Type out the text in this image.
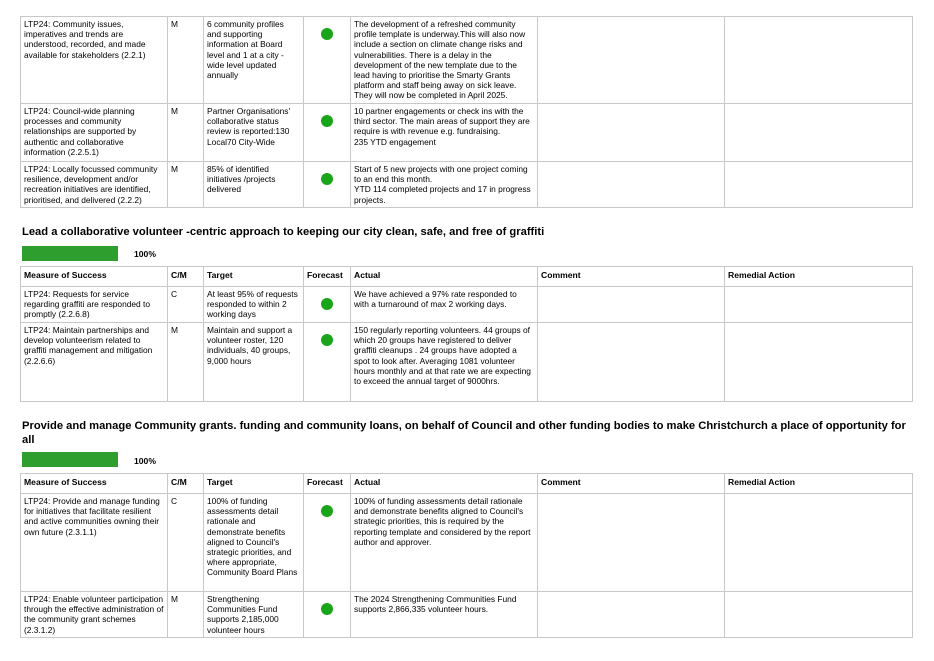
LTP24: Community issues, imperatives and trends are understood, recorded, and made available for stakeholders (2.2.1)	M	6 community profiles and supporting information at Board level and 1 at a city - wide level updated annually		The development of a refreshed community profile template is underway.This will also now include a section on climate change risks and vulnerabilities. There is a delay in the development of the new template due to the lead having to prioritise the Smarty Grants platform and staff being away on sick leave. They will now be completed in April 2025.		
LTP24: Council-wide planning processes and community relationships are supported by authentic and collaborative information (2.2.5.1)	M	Partner Organisations' collaborative status review is reported:130 Local70 City-Wide		10 partner engagements or check ins with the third sector. The main areas of support they are require is with revenue e.g. fundraising.
235 YTD engagement		
LTP24: Locally focussed community resilience, development and/or recreation initiatives are identified, prioritised, and delivered (2.2.2)	M	85% of identified initiatives /projects delivered		Start of 5 new projects with one project coming to an end this month.
YTD 114 completed projects and 17 in progress projects.		
Lead a collaborative volunteer -centric approach to keeping our city clean, safe, and free of graffiti
100%
Measure of Success	C/M	Target	Forecast	Actual	Comment	Remedial Action
LTP24: Requests for service regarding graffiti are responded to promptly (2.2.6.8)	C	At least 95% of requests responded to within 2 working days		We have achieved a 97% rate responded to with a turnaround of max 2 working days.		
LTP24: Maintain partnerships and develop volunteerism related to graffiti management and mitigation (2.2.6.6)	M	Maintain and support a volunteer roster, 120 individuals, 40 groups, 9,000 hours		150 regularly reporting volunteers. 44 groups of which 20 groups have registered to deliver graffiti cleanups . 24 groups have adopted a spot to look after. Averaging 1081 volunteer hours monthly and at that rate we are expecting to exceed the annual target of 9000hrs.		
Provide and manage Community grants. funding and community loans, on behalf of Council and other funding bodies to make Christchurch a place of opportunity for all
100%
Measure of Success	C/M	Target	Forecast	Actual	Comment	Remedial Action
LTP24: Provide and manage funding for initiatives that facilitate resilient and active communities owning their own future (2.3.1.1)	C	100% of funding assessments detail rationale and demonstrate benefits aligned to Council's strategic priorities, and where appropriate, Community Board Plans		100% of funding assessments detail rationale and demonstrate benefits aligned to Council's strategic priorities, this is required by the reporting template and considered by the report author and approver.		
LTP24: Enable volunteer participation through the effective administration of the community grant schemes (2.3.1.2)	M	Strengthening Communities Fund supports 2,185,000 volunteer hours		The 2024 Strengthening Communities Fund supports 2,866,335 volunteer hours.		
